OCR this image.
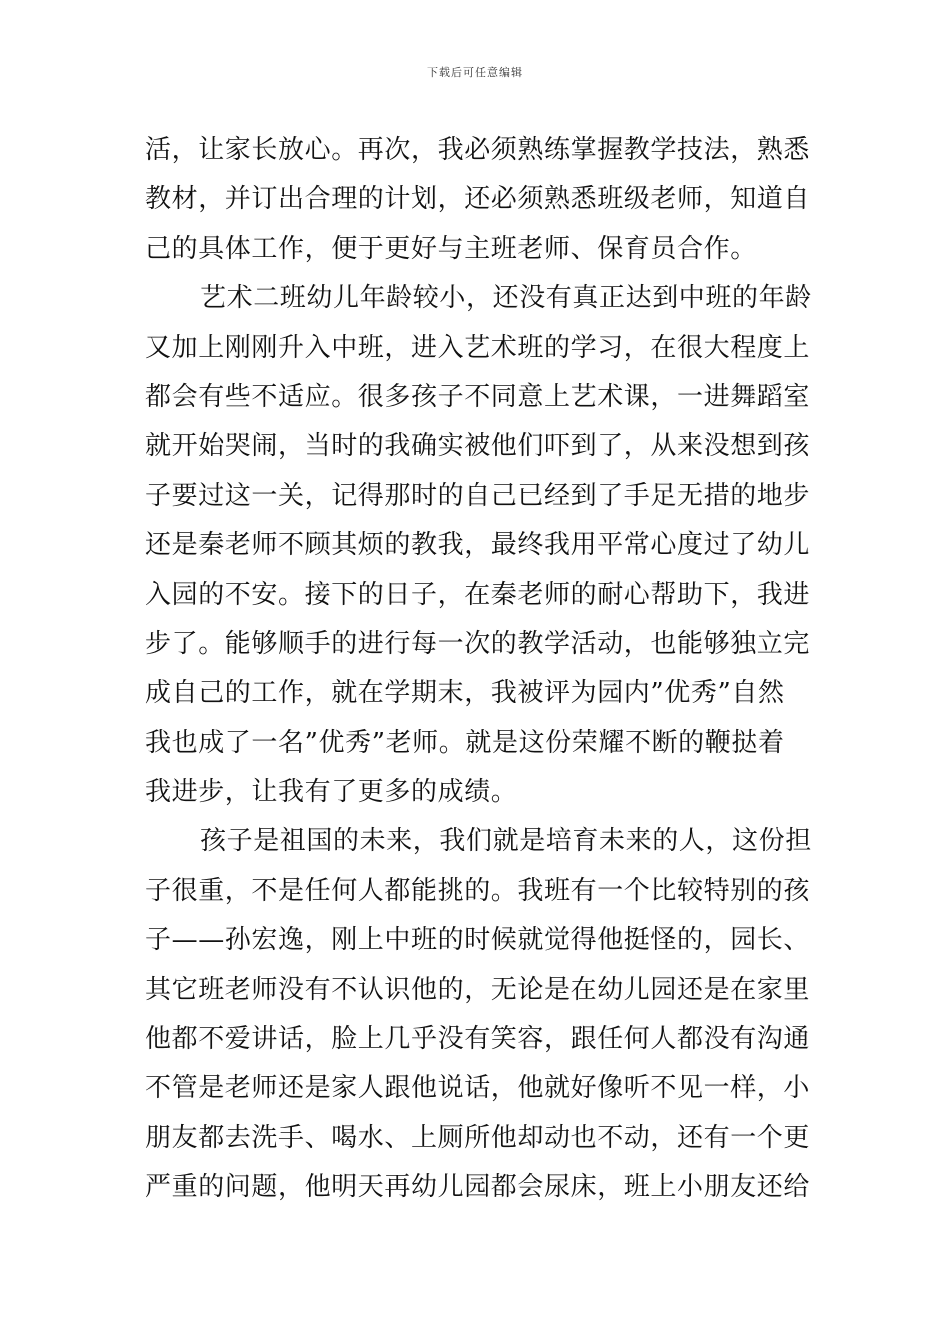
下载后可任意编辑
活，让家长放心。再次，我必须熟练掌握教学技法，熟悉
教材，并订出合理的计划，还必须熟悉班级老师，知道自
己的具体工作，便于更好与主班老师、保育员合作。
艺术二班幼儿年龄较小，还没有真正达到中班的年龄
又加上刚刚升入中班，进入艺术班的学习，在很大程度上
都会有些不适应。很多孩子不同意上艺术课，一进舞蹈室
就开始哭闹，当时的我确实被他们吓到了，从来没想到孩
子要过这一关，记得那时的自己已经到了手足无措的地步
还是秦老师不顾其烦的教我，最终我用平常心度过了幼儿
入园的不安。接下的日子，在秦老师的耐心帮助下，我进
步了。能够顺手的进行每一次的教学活动，也能够独立完
成自己的工作，就在学期末，我被评为园内”优秀”自然
我也成了一名”优秀”老师。就是这份荣耀不断的鞭挞着
我进步，让我有了更多的成绩。
孩子是祖国的未来，我们就是培育未来的人，这份担
子很重，不是任何人都能挑的。我班有一个比较特别的孩
子——孙宏逸，刚上中班的时候就觉得他挺怪的，园长、
其它班老师没有不认识他的，无论是在幼儿园还是在家里
他都不爱讲话，脸上几乎没有笑容，跟任何人都没有沟通
不管是老师还是家人跟他说话，他就好像听不见一样，小
朋友都去洗手、喝水、上厕所他却动也不动，还有一个更
严重的问题，他明天再幼儿园都会尿床，班上小朋友还给
